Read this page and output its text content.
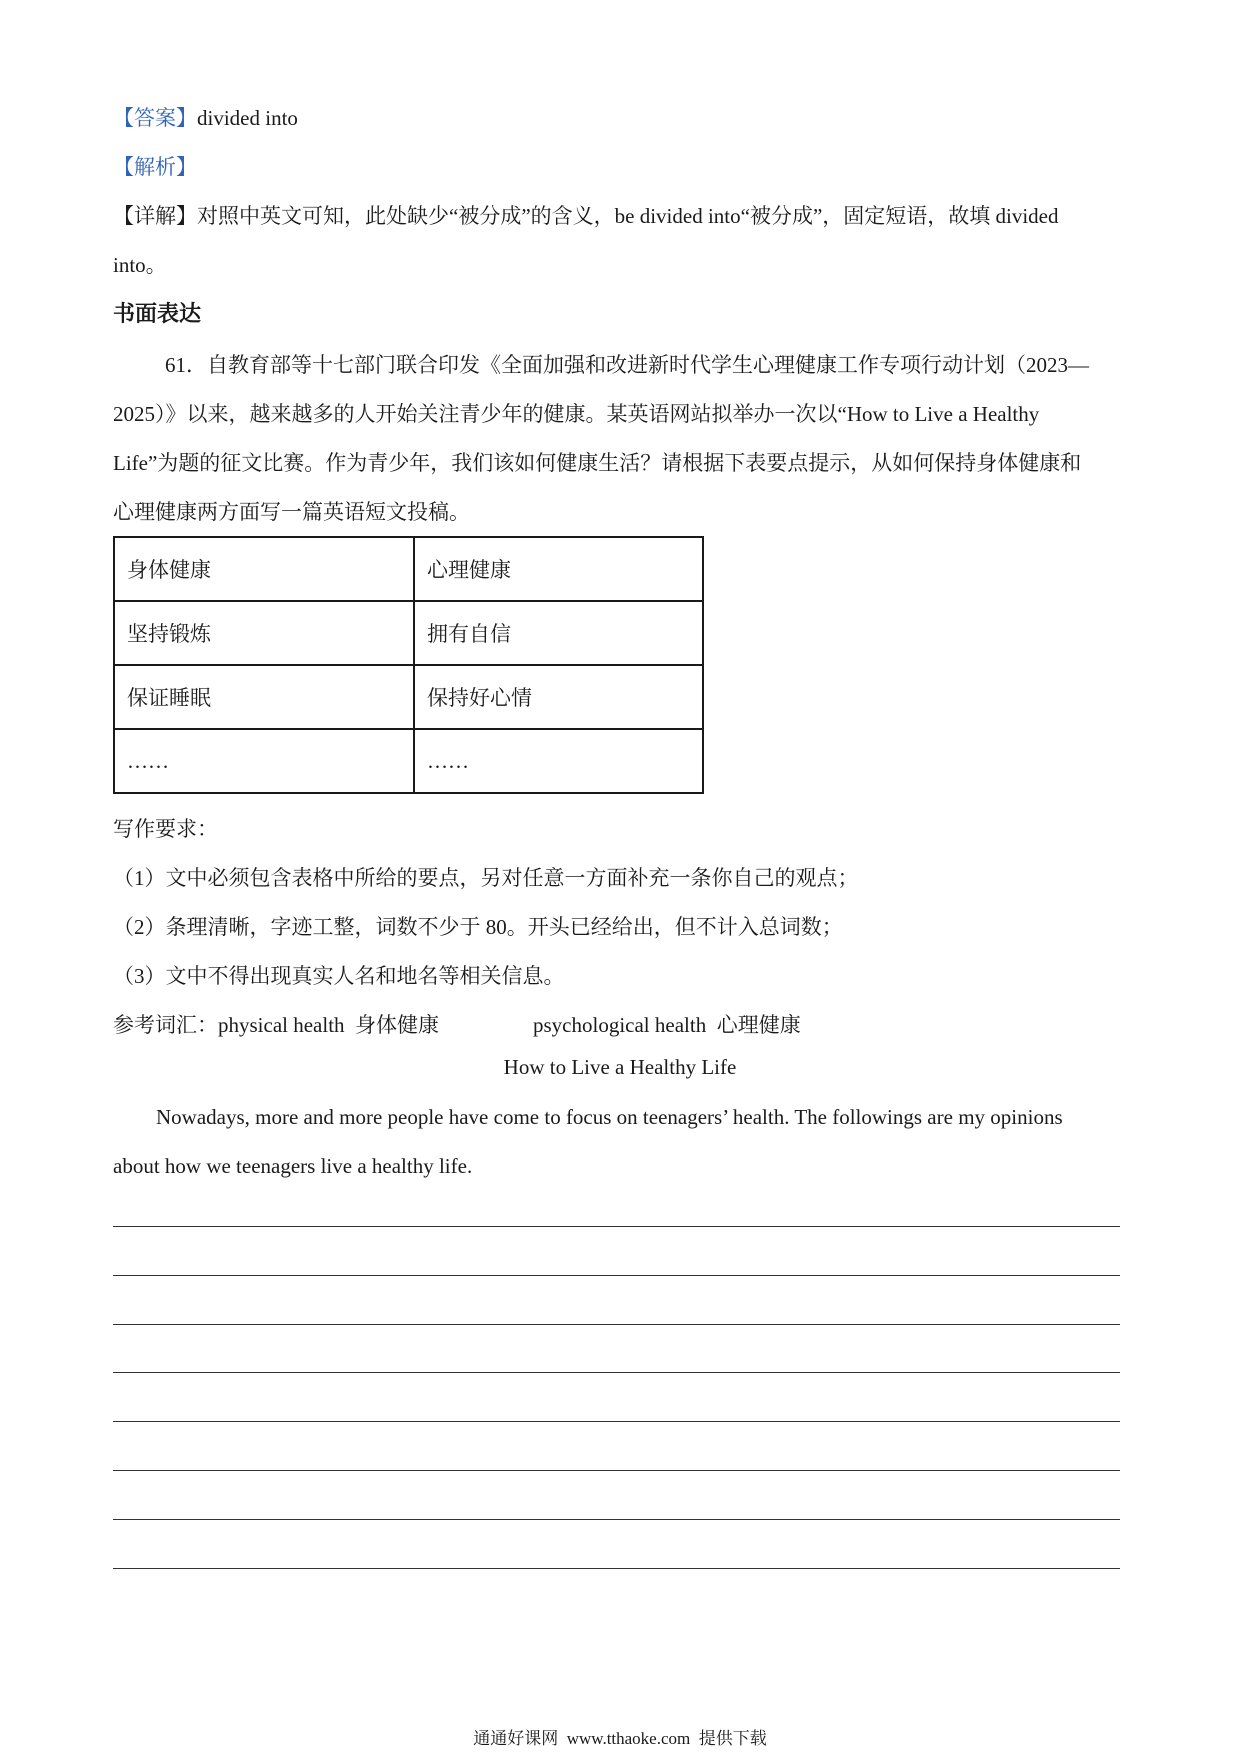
【答案】divided into
【解析】
【详解】对照中英文可知，此处缺少“被分成”的含义，be divided into“被分成”，固定短语，故填 divided
into。
书面表达
61．自教育部等十七部门联合印发《全面加强和改进新时代学生心理健康工作专项行动计划（2023—
2025）》以来，越来越多的人开始关注青少年的健康。某英语网站拟举办一次以“How to Live a Healthy
Life”为题的征文比赛。作为青少年，我们该如何健康生活？请根据下表要点提示，从如何保持身体健康和
心理健康两方面写一篇英语短文投稿。
身体健康	心理健康
坚持锻炼	拥有自信
保证睡眠	保持好心情
……	……
写作要求：
（1）文中必须包含表格中所给的要点，另对任意一方面补充一条你自己的观点；
（2）条理清晰，字迹工整，词数不少于 80。开头已经给出，但不计入总词数；
（3）文中不得出现真实人名和地名等相关信息。
参考词汇：physical health  身体健康	psychological health  心理健康
How to Live a Healthy Life
Nowadays, more and more people have come to focus on teenagers’ health. The followings are my opinions
about how we teenagers live a healthy life.
通通好课网  www.tthaoke.com  提供下载
